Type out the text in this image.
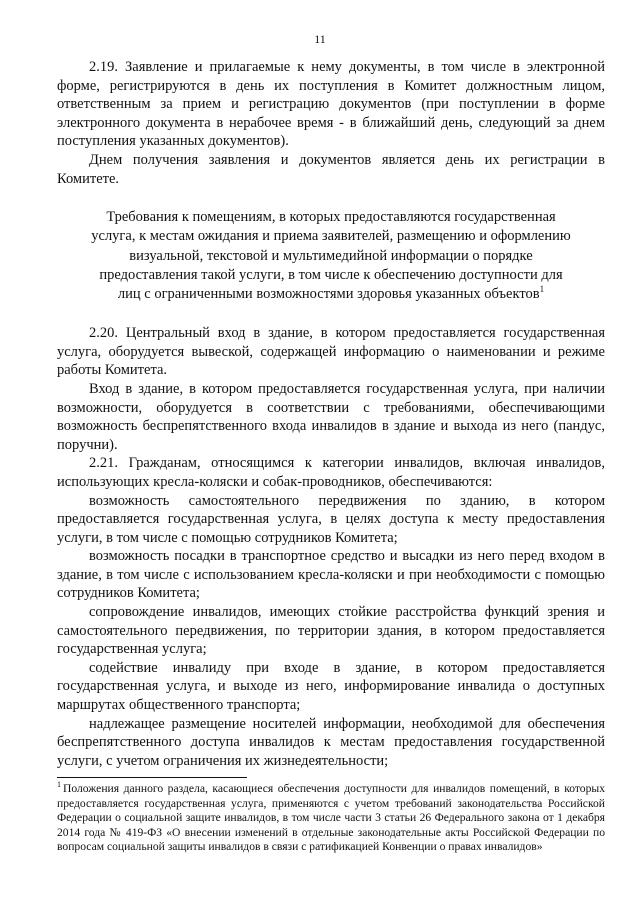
11

2.19. Заявление и прилагаемые к нему документы, в том числе в электронной форме, регистрируются в день их поступления в Комитет должностным лицом, ответственным за прием и регистрацию документов (при поступлении в форме электронного документа в нерабочее время - в ближайший день, следующий за днем поступления указанных документов).

Днем получения заявления и документов является день их регистрации в Комитете.

Требования к помещениям, в которых предоставляются государственная услуга, к местам ожидания и приема заявителей, размещению и оформлению визуальной, текстовой и мультимедийной информации о порядке предоставления такой услуги, в том числе к обеспечению доступности для лиц с ограниченными возможностями здоровья указанных объектов$^1$

2.20. Центральный вход в здание, в котором предоставляется государственная услуга, оборудуется вывеской, содержащей информацию о наименовании и режиме работы Комитета.

Вход в здание, в котором предоставляется государственная услуга, при наличии возможности, оборудуется в соответствии с требованиями, обеспечивающими возможность беспрепятственного входа инвалидов в здание и выхода из него (пандус, поручни).

2.21. Гражданам, относящимся к категории инвалидов, включая инвалидов, использующих кресла-коляски и собак-проводников, обеспечиваются:

возможность самостоятельного передвижения по зданию, в котором предоставляется государственная услуга, в целях доступа к месту предоставления услуги, в том числе с помощью сотрудников Комитета;

возможность посадки в транспортное средство и высадки из него перед входом в здание, в том числе с использованием кресла-коляски и при необходимости с помощью сотрудников Комитета;

сопровождение инвалидов, имеющих стойкие расстройства функций зрения и самостоятельного передвижения, по территории здания, в котором предоставляется государственная услуга;

содействие инвалиду при входе в здание, в котором предоставляется государственная услуга, и выходе из него, информирование инвалида о доступных маршрутах общественного транспорта;

надлежащее размещение носителей информации, необходимой для обеспечения беспрепятственного доступа инвалидов к местам предоставления государственной услуги, с учетом ограничения их жизнедеятельности;

$^1$ Положения данного раздела, касающиеся обеспечения доступности для инвалидов помещений, в которых предоставляется государственная услуга, применяются с учетом требований законодательства Российской Федерации о социальной защите инвалидов, в том числе части 3 статьи 26 Федерального закона от 1 декабря 2014 года № 419-ФЗ «О внесении изменений в отдельные законодательные акты Российской Федерации по вопросам социальной защиты инвалидов в связи с ратификацией Конвенции о правах инвалидов»
